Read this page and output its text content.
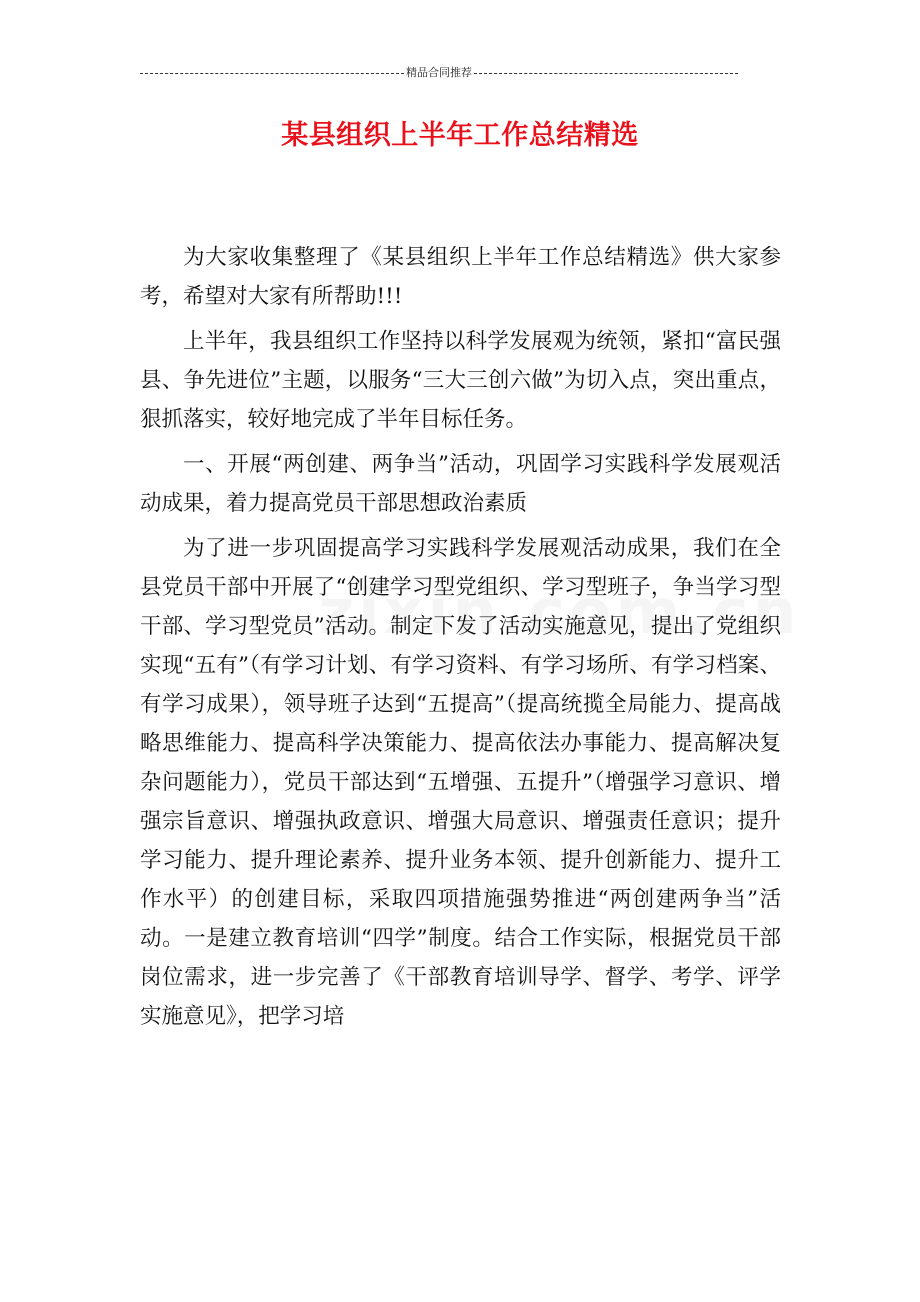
精品合同推荐
某县组织上半年工作总结精选

为大家收集整理了《某县组织上半年工作总结精选》供大家参考，希望对大家有所帮助!!!

上半年，我县组织工作坚持以科学发展观为统领，紧扣“富民强县、争先进位”主题，以服务“三大三创六做”为切入点，突出重点，狠抓落实，较好地完成了半年目标任务。

一、开展“两创建、两争当”活动，巩固学习实践科学发展观活动成果，着力提高党员干部思想政治素质

为了进一步巩固提高学习实践科学发展观活动成果，我们在全县党员干部中开展了“创建学习型党组织、学习型班子，争当学习型干部、学习型党员”活动。制定下发了活动实施意见，提出了党组织实现“五有”（有学习计划、有学习资料、有学习场所、有学习档案、有学习成果），领导班子达到“五提高”（提高统揽全局能力、提高战略思维能力、提高科学决策能力、提高依法办事能力、提高解决复杂问题能力），党员干部达到“五增强、五提升”（增强学习意识、增强宗旨意识、增强执政意识、增强大局意识、增强责任意识；提升学习能力、提升理论素养、提升业务本领、提升创新能力、提升工作水平）的创建目标，采取四项措施强势推进“两创建两争当”活动。一是建立教育培训“四学”制度。结合工作实际，根据党员干部岗位需求，进一步完善了《干部教育培训导学、督学、考学、评学实施意见》，把学习培
